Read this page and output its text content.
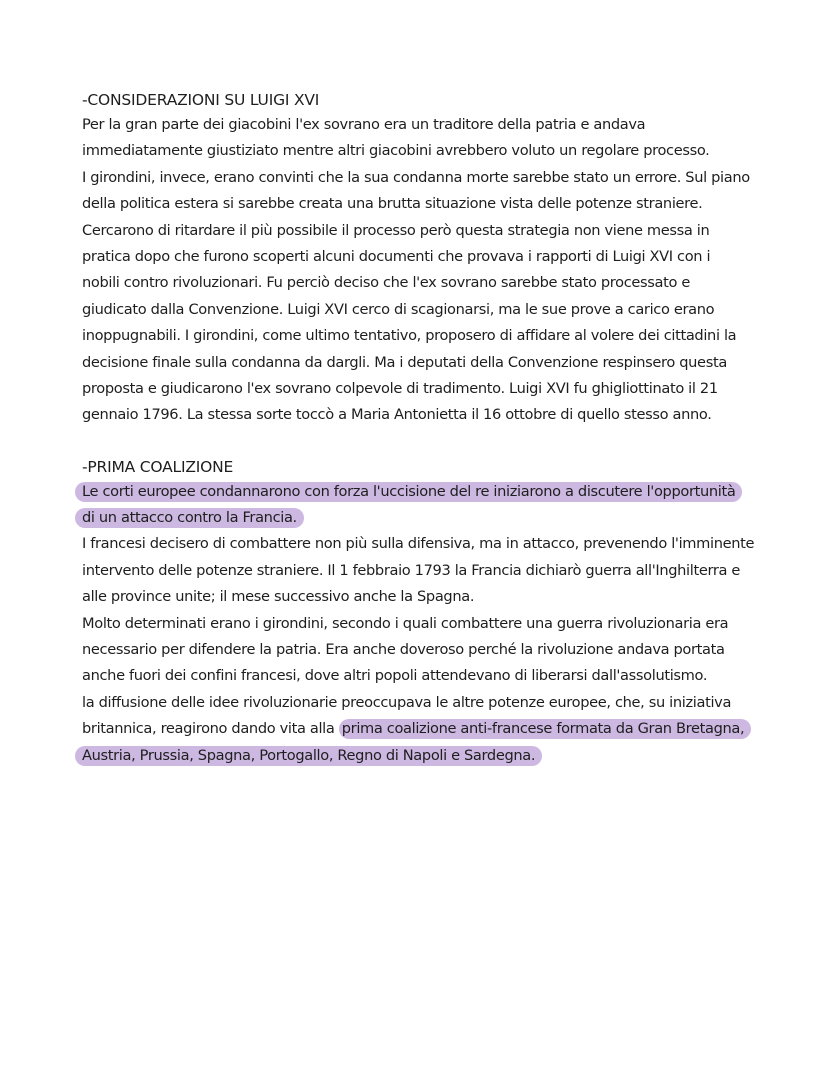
-CONSIDERAZIONI SU LUIGI XVI
Per la gran parte dei giacobini l'ex sovrano era un traditore della patria e andava
immediatamente giustiziato mentre altri giacobini avrebbero voluto un regolare processo.
I girondini, invece, erano convinti che la sua condanna morte sarebbe stato un errore. Sul piano
della politica estera si sarebbe creata una brutta situazione vista delle potenze straniere.
Cercarono di ritardare il più possibile il processo però questa strategia non viene messa in
pratica dopo che furono scoperti alcuni documenti che provava i rapporti di Luigi XVI con i
nobili contro rivoluzionari. Fu perciò deciso che l'ex sovrano sarebbe stato processato e
giudicato dalla Convenzione. Luigi XVI cerco di scagionarsi, ma le sue prove a carico erano
inoppugnabili. I girondini, come ultimo tentativo, proposero di affidare al volere dei cittadini la
decisione finale sulla condanna da dargli. Ma i deputati della Convenzione respinsero questa
proposta e giudicarono l'ex sovrano colpevole di tradimento. Luigi XVI fu ghigliottinato il 21
gennaio 1796. La stessa sorte toccò a Maria Antonietta il 16 ottobre di quello stesso anno.
-PRIMA COALIZIONE
Le corti europee condannarono con forza l'uccisione del re iniziarono a discutere l'opportunità
di un attacco contro la Francia.
I francesi decisero di combattere non più sulla difensiva, ma in attacco, prevenendo l'imminente
intervento delle potenze straniere. Il 1 febbraio 1793 la Francia dichiarò guerra all'Inghilterra e
alle province unite; il mese successivo anche la Spagna.
Molto determinati erano i girondini, secondo i quali combattere una guerra rivoluzionaria era
necessario per difendere la patria. Era anche doveroso perché la rivoluzione andava portata
anche fuori dei confini francesi, dove altri popoli attendevano di liberarsi dall'assolutismo.
la diffusione delle idee rivoluzionarie preoccupava le altre potenze europee, che, su iniziativa
britannica, reagirono dando vita alla prima coalizione anti-francese formata da Gran Bretagna,
Austria, Prussia, Spagna, Portogallo, Regno di Napoli e Sardegna.
